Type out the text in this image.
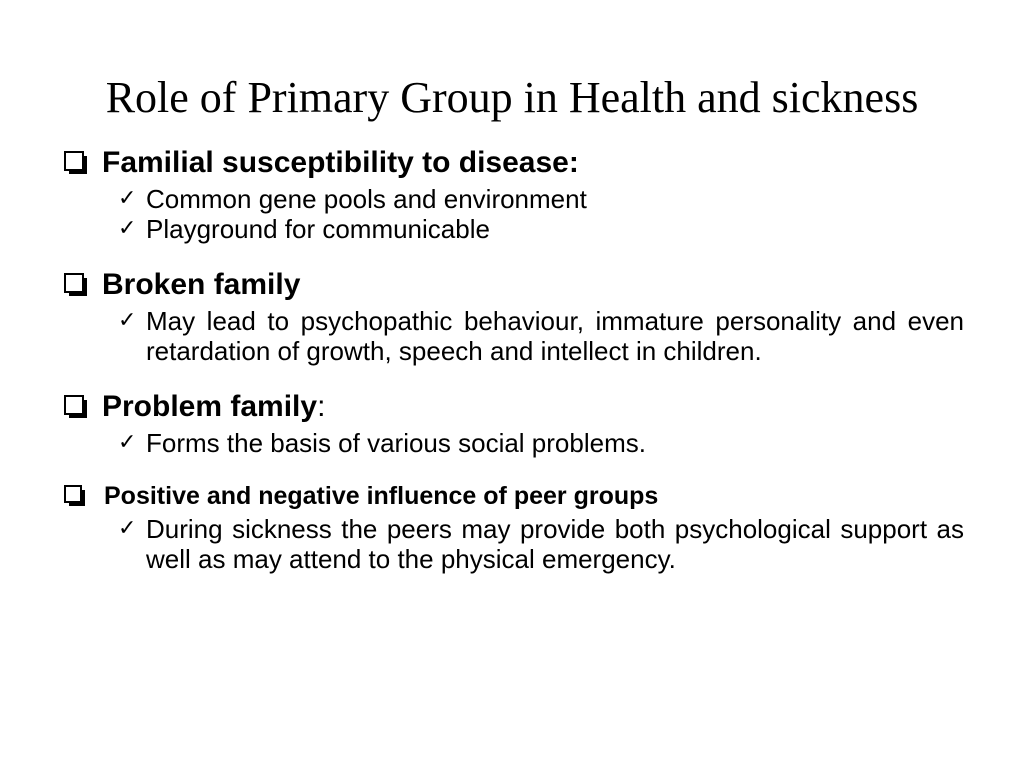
Role of Primary Group in Health and sickness
Familial susceptibility to disease:
✓ Common gene pools and environment
✓ Playground for communicable
Broken family
✓ May lead to psychopathic behaviour, immature personality and even retardation of growth, speech and intellect in children.
Problem family:
✓ Forms the basis of various social problems.
Positive and negative influence of peer groups
✓ During sickness the peers may provide both psychological support as well as may attend to the physical emergency.
